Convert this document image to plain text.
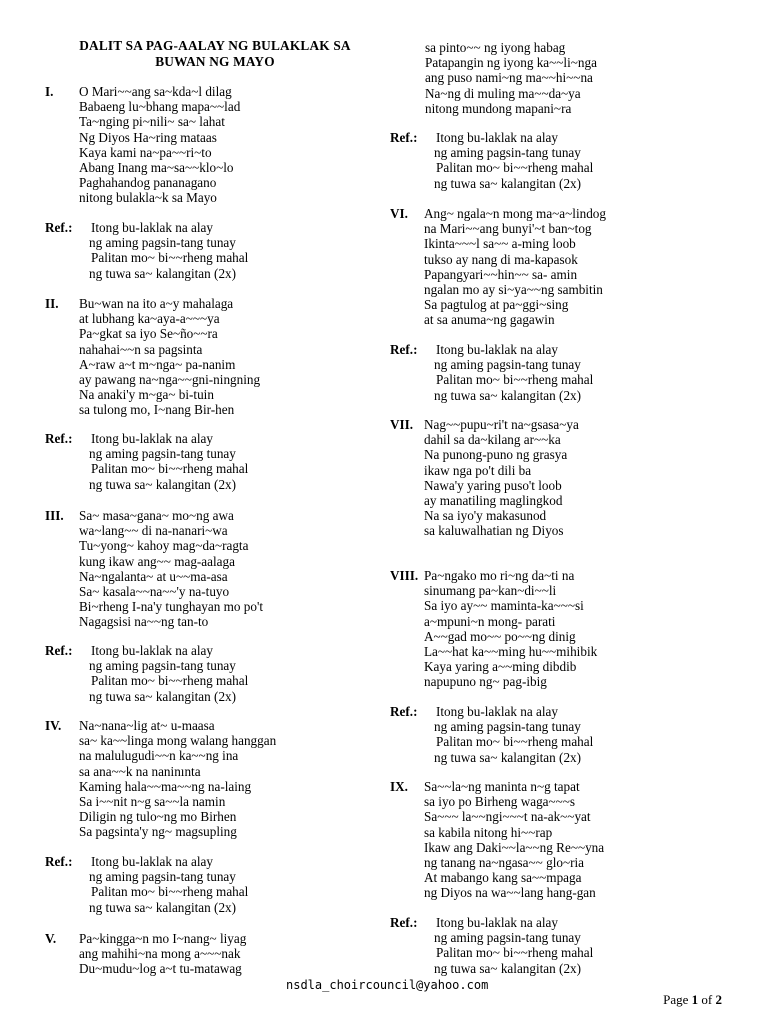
DALIT SA PAG-AALAY NG BULAKLAK SA
BUWAN NG MAYO
I. O Mari~~ang sa~kda~l dilag
Babaeng lu~bhang mapa~~lad
Ta~nging pi~nili~ sa~ lahat
Ng Diyos Ha~ring mataas
Kaya kami na~pa~~ri~to
Abang Inang ma~sa~~klo~lo
Paghahandog pananagano
nitong bulakla~k sa Mayo
Ref.: Itong bu-laklak na alay
ng aming pagsin-tang tunay
Palitan mo~ bi~~rheng mahal
ng tuwa sa~ kalangitan (2x)
II. Bu~wan na ito a~y mahalaga
at lubhang ka~aya-a~~~ya
Pa~gkat sa iyo Se~ño~~ra
nahahai~~n sa pagsinta
A~raw a~t m~nga~ pa-nanim
ay pawang na~nga~~gni-ningning
Na anaki'y m~ga~ bi-tuin
sa tulong mo, I~nang Bir-hen
Ref.: Itong bu-laklak na alay
ng aming pagsin-tang tunay
Palitan mo~ bi~~rheng mahal
ng tuwa sa~ kalangitan (2x)
III. Sa~ masa~gana~ mo~ng awa
wa~lang~~ di na-nanari~wa
Tu~yong~ kahoy mag~da~ragta
kung ikaw ang~~ mag-aalaga
Na~ngalanta~ at u~~ma-asa
Sa~ kasala~~na~~'y na-tuyo
Bi~rheng I-na'y tunghayan mo po't
Nagagsisi na~~ng tan-to
Ref.: Itong bu-laklak na alay
ng aming pagsin-tang tunay
Palitan mo~ bi~~rheng mahal
ng tuwa sa~ kalangitan (2x)
IV. Na~nana~lig at~ u-maasa
sa~ ka~~linga mong walang hanggan
na malulugudi~~n ka~~ng ina
sa ana~~k na naninınta
Kaming hala~~ma~~ng na-laing
Sa i~~nit n~g sa~~la namin
Diligin ng tulo~ng mo Birhen
Sa pagsinta'y ng~ magsupling
Ref.: Itong bu-laklak na alay
ng aming pagsin-tang tunay
Palitan mo~ bi~~rheng mahal
ng tuwa sa~ kalangitan (2x)
V. Pa~kingga~n mo I~nang~ liyag
ang mahihi~na mong a~~~nak
Du~mudu~log a~t tu-matawag
sa pinto~~ ng iyong habag
Patapangin ng iyong ka~~li~nga
ang puso nami~ng ma~~hi~~na
Na~ng di muling ma~~da~ya
nitong mundong mapani~ra
Ref.: Itong bu-laklak na alay
ng aming pagsin-tang tunay
Palitan mo~ bi~~rheng mahal
ng tuwa sa~ kalangitan (2x)
VI. Ang~ ngala~n mong ma~a~lindog
na Mari~~ang bunyi'~t ban~tog
Ikinta~~~l sa~~ a-ming loob
tukso ay nang di ma-kapasok
Papangyari~~hin~~ sa- amin
ngalan mo ay si~ya~~ng sambitin
Sa pagtulog at pa~ggi~sing
at sa anuma~ng gagawin
Ref.: Itong bu-laklak na alay
ng aming pagsin-tang tunay
Palitan mo~ bi~~rheng mahal
ng tuwa sa~ kalangitan (2x)
VII. Nag~~pupu~ri't na~gsasa~ya
dahil sa da~kilang ar~~ka
Na punong-puno ng grasya
ikaw nga po't dili ba
Nawa'y yaring puso't loob
ay manatiling maglingkod
Na sa iyo'y makasunod
sa kaluwalhatian ng Diyos
VIII. Pa~ngako mo ri~ng da~ti na
sinumang pa~kan~di~~li
Sa iyo ay~~ maminta-ka~~~si
a~mpuni~n mong- parati
A~~gad mo~~ po~~ng dinig
La~~hat ka~~ming hu~~mihibik
Kaya yaring a~~ming dibdib
napupuno ng~ pag-ibig
Ref.: Itong bu-laklak na alay
ng aming pagsin-tang tunay
Palitan mo~ bi~~rheng mahal
ng tuwa sa~ kalangitan (2x)
IX. Sa~~la~ng maninta n~g tapat
sa iyo po Birheng waga~~~s
Sa~~~ la~~ngi~~~t na-ak~~yat
sa kabila nitong hi~~rap
Ikaw ang Daki~~la~~ng Re~~yna
ng tanang na~ngasa~~ glo~ria
At mabango kang sa~~mpaga
ng Diyos na wa~~lang hang-gan
Ref.: Itong bu-laklak na alay
ng aming pagsin-tang tunay
Palitan mo~ bi~~rheng mahal
ng tuwa sa~ kalangitan (2x)
nsdla_choircouncil@yahoo.com
Page 1 of 2
